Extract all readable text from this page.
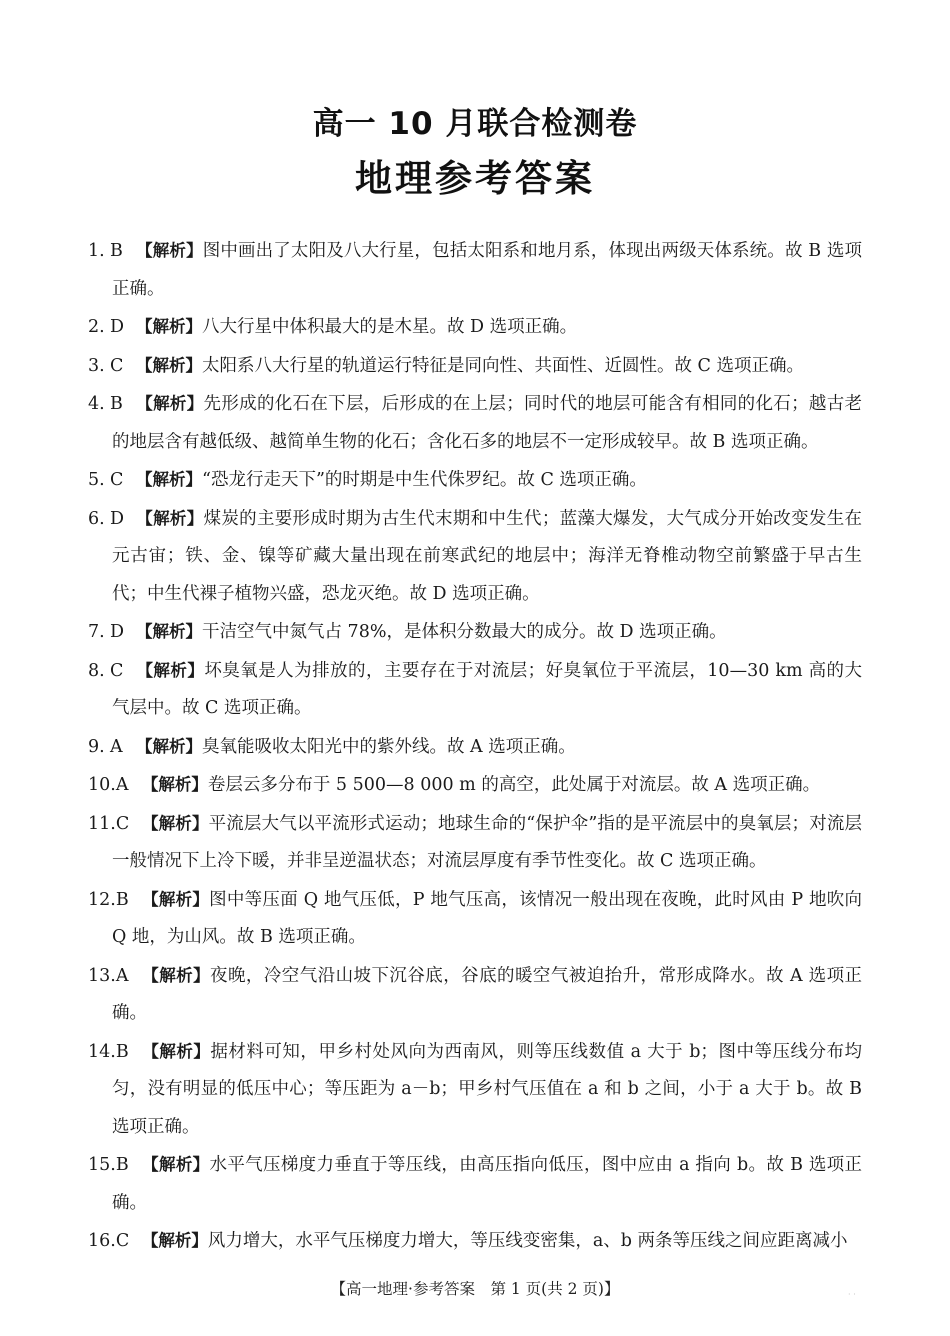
高一 10 月联合检测卷
地理参考答案
1. B 【解析】图中画出了太阳及八大行星，包括太阳系和地月系，体现出两级天体系统。故 B 选项正确。
2. D 【解析】八大行星中体积最大的是木星。故 D 选项正确。
3. C 【解析】太阳系八大行星的轨道运行特征是同向性、共面性、近圆性。故 C 选项正确。
4. B 【解析】先形成的化石在下层，后形成的在上层；同时代的地层可能含有相同的化石；越古老的地层含有越低级、越简单生物的化石；含化石多的地层不一定形成较早。故 B 选项正确。
5. C 【解析】“恐龙行走天下”的时期是中生代侏罗纪。故 C 选项正确。
6. D 【解析】煤炭的主要形成时期为古生代末期和中生代；蓝藻大爆发，大气成分开始改变发生在元古宙；铁、金、镍等矿藏大量出现在前寒武纪的地层中；海洋无脊椎动物空前繁盛于早古生代；中生代裸子植物兴盛，恐龙灭绝。故 D 选项正确。
7. D 【解析】干洁空气中氮气占 78%，是体积分数最大的成分。故 D 选项正确。
8. C 【解析】坏臭氧是人为排放的，主要存在于对流层；好臭氧位于平流层，10—30 km 高的大气层中。故 C 选项正确。
9. A 【解析】臭氧能吸收太阳光中的紫外线。故 A 选项正确。
10.A 【解析】卷层云多分布于 5 500—8 000 m 的高空，此处属于对流层。故 A 选项正确。
11.C 【解析】平流层大气以平流形式运动；地球生命的“保护伞”指的是平流层中的臭氧层；对流层一般情况下上冷下暖，并非呈逆温状态；对流层厚度有季节性变化。故 C 选项正确。
12.B 【解析】图中等压面 Q 地气压低，P 地气压高，该情况一般出现在夜晚，此时风由 P 地吹向 Q 地，为山风。故 B 选项正确。
13.A 【解析】夜晚，冷空气沿山坡下沉谷底，谷底的暖空气被迫抬升，常形成降水。故 A 选项正确。
14.B 【解析】据材料可知，甲乡村处风向为西南风，则等压线数值 a 大于 b；图中等压线分布均匀，没有明显的低压中心；等压距为 a－b；甲乡村气压值在 a 和 b 之间，小于 a 大于 b。故 B 选项正确。
15.B 【解析】水平气压梯度力垂直于等压线，由高压指向低压，图中应由 a 指向 b。故 B 选项正确。
16.C 【解析】风力增大，水平气压梯度力增大，等压线变密集，a、b 两条等压线之间应距离减小
【高一地理·参考答案　第 1 页(共 2 页)】	· ·
